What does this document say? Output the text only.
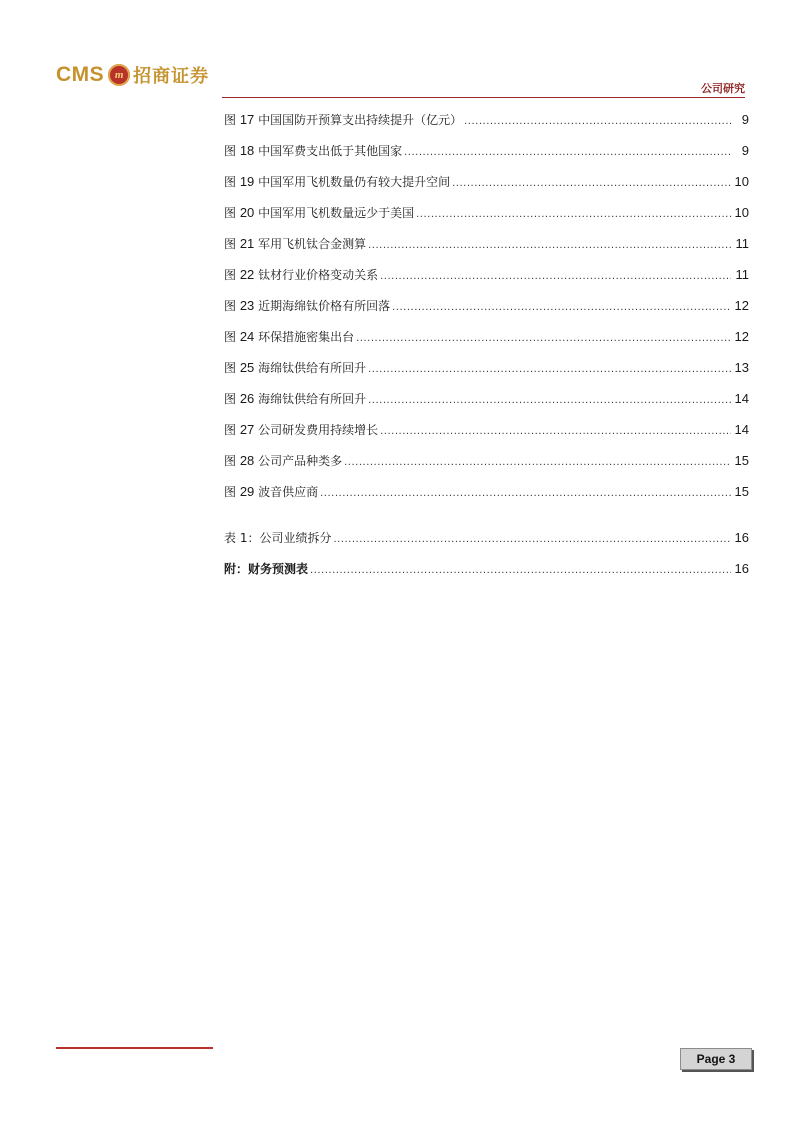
CMS m 招商证券
公司研究
图 17 中国国防开预算支出持续提升（亿元） .....	9
图 18 中国军费支出低于其他国家 .....	9
图 19 中国军用飞机数量仍有较大提升空间 .....	10
图 20 中国军用飞机数量远少于美国 .....	10
图 21 军用飞机钛合金测算 .....	11
图 22 钛材行业价格变动关系 .....	11
图 23 近期海绵钛价格有所回落 .....	12
图 24 环保措施密集出台 .....	12
图 25 海绵钛供给有所回升 .....	13
图 26 海绵钛供给有所回升 .....	14
图 27 公司研发费用持续增长 .....	14
图 28 公司产品种类多 .....	15
图 29 波音供应商 .....	15
表 1：公司业绩拆分 .....	16
附：财务预测表 .....	16
Page 3
